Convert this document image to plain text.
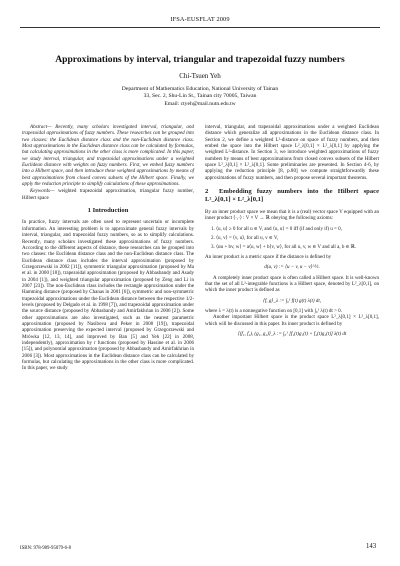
IFSA-EUSFLAT 2009
Approximations by interval, triangular and trapezoidal fuzzy numbers
Chi-Tsuen Yeh
Department of Mathematics Education, National University of Tainan
33, Sec. 2, Shu-Lin St., Tainan city 70005, Taiwan
Email: ctyeh@mail.nutn.edu.tw

Abstract— Recently, many scholars investigated interval, triangular, and trapezoidal approximations of fuzzy numbers. These researches can be grouped into two classes: the Euclidean distance class and the non-Euclidean distance class. Most approximations in the Euclidean distance class can be calculated by formulas, but calculating approximations in the other class is more complicated. In this paper, we study interval, triangular, and trapezoidal approximations under a weighted Euclidean distance with weights on fuzzy numbers. First, we embed fuzzy numbers into a Hilbert space, and then introduce these weighted approximations by means of best approximations from closed convex subsets of the Hilbert space. Finally, we apply the reduction principle to simplify calculations of these approximations.

Keywords— weighted trapezoidal approximation, triangular fuzzy number, Hilbert space

1 Introduction

In practice, fuzzy intervals are often used to represent uncertain or incomplete information. An interesting problem is to approximate general fuzzy intervals by interval, triangular, and trapezoidal fuzzy numbers, so as to simplify calculations. Recently, many scholars investigated these approximations of fuzzy numbers. According to the different aspects of distance, these researches can be grouped into two classes: the Euclidean distance class and the non-Euclidean distance class. The Euclidean distance class includes the interval approximation (proposed by Grzegorzewski in 2002 [11]), symmetric triangular approximation (proposed by Ma et al. in 2000 [18]), trapezoidal approximation (proposed by Abbasbandy and Asady in 2004 [1]), and weighted triangular approximation (proposed by Zeng and Li in 2007 [23]). The non-Euclidean class includes the rectangle approximation under the Hamming distance (proposed by Chanas in 2001 [6]), symmetric and non-symmetric trapezoidal approximations under the Euclidean distance between the respective 1/2-levels (proposed by Delgado et al. in 1998 [7]), and trapezoidal approximation under the source distance (proposed by Abbasbandy and Amirfakhrian in 2006 [2]). Some other approximations are also investigated, such as the nearest parametric approximation (proposed by Nasibova and Peker in 2008 [19]), trapezoidal approximation preserving the expected interval (proposed by Grzegorzewski and Mrówka [12, 13, 14], and improved by Ban [5] and Yeh [22] in 2008, independently), approximation by r functions (proposed by Hassine et al. in 2006 [15]), and polynomial approximation (proposed by Abbasbandy and Amirfakhrian in 2006 [3]). Most approximations in the Euclidean distance class can be calculated by formulas, but calculating the approximations in the other class is more complicated. In this paper, we study

interval, triangular, and trapezoidal approximations under a weighted Euclidean distance which generalize all approximations in the Euclidean distance class. In Section 2, we define a weighted L²-distance on space of fuzzy numbers, and then embed the space into the Hilbert space L²_λ[0,1] × L²_λ[0,1] by applying the weighted L²-distance. In Section 3, we introduce weighted approximations of fuzzy numbers by means of best approximations from closed convex subsets of the Hilbert space L²_λ[0,1] × L²_λ[0,1]. Some preliminaries are presented. In Section 4-6, by applying the reduction principle [8, p.80] we compute straightforwardly these approximations of fuzzy numbers, and then propose several important theorems.

2 Embedding fuzzy numbers into the Hilbert space L²_λ[0,1] × L²_λ[0,1]

By an inner product space we mean that it is a (real) vector space V equipped with an inner product ⟨·,·⟩ : V × V → ℝ obeying the following axioms:

1. ⟨u, u⟩ ≥ 0 for all u ∈ V, and ⟨u, u⟩ = 0 iff (if and only if) u = 0,
2. ⟨u, v⟩ = ⟨v, u⟩, for all u, v ∈ V,
3. ⟨αu + bv, w⟩ = a⟨u, w⟩ + b⟨v, w⟩, for all u, v, w ∈ V and all a, b ∈ ℝ.

An inner product is a metric space if the distance is defined by

d(u, v) := ⟨u − v, u − v⟩^½.

A completely inner product space is often called a Hilbert space. It is well-known that the set of all L²-integrable functions is a Hilbert space, denoted by L²_λ[0,1], on which the inner product is defined as

⟨f, g⟩_λ := ∫₀¹ f(t) g(t) λ(t) dt,

where λ = λ(t) is a nonnegative function on [0,1] with ∫₀¹ λ(t) dt > 0.

Another important Hilbert space is the product space L²_λ[0,1] × L²_λ[0,1], which will be discussed in this paper. Its inner product is defined by

⟨(f₁, f₂), (g₁, g₂)⟩_λ := ∫₀¹ [f₁(t)g₁(t) + f₂(t)g₂(t)] λ(t) dt
ISBN: 978-989-95079-6-8	143
